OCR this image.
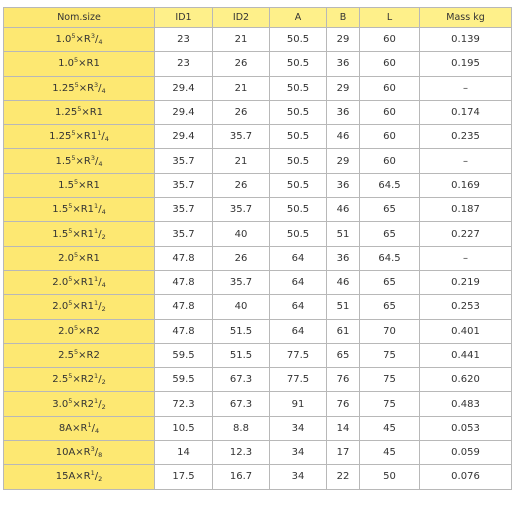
Nom.size	ID1	ID2	A	B	L	Mass kg
$1.0^5\times R^3/_4$	23	21	50.5	29	60	0.139
$1.0^5\times R1$	23	26	50.5	36	60	0.195
$1.25^5\times R^3/_4$	29.4	21	50.5	29	60	–
$1.25^5\times R1$	29.4	26	50.5	36	60	0.174
$1.25^5\times R1^1/_4$	29.4	35.7	50.5	46	60	0.235
$1.5^5\times R^3/_4$	35.7	21	50.5	29	60	–
$1.5^5\times R1$	35.7	26	50.5	36	64.5	0.169
$1.5^5\times R1^1/_4$	35.7	35.7	50.5	46	65	0.187
$1.5^5\times R1^1/_2$	35.7	40	50.5	51	65	0.227
$2.0^5\times R1$	47.8	26	64	36	64.5	–
$2.0^5\times R1^1/_4$	47.8	35.7	64	46	65	0.219
$2.0^5\times R1^1/_2$	47.8	40	64	51	65	0.253
$2.0^5\times R2$	47.8	51.5	64	61	70	0.401
$2.5^5\times R2$	59.5	51.5	77.5	65	75	0.441
$2.5^5\times R2^1/_2$	59.5	67.3	77.5	76	75	0.620
$3.0^5\times R2^1/_2$	72.3	67.3	91	76	75	0.483
$8A\times R^1/_4$	10.5	8.8	34	14	45	0.053
$10A\times R^3/_8$	14	12.3	34	17	45	0.059
$15A\times R^1/_2$	17.5	16.7	34	22	50	0.076
